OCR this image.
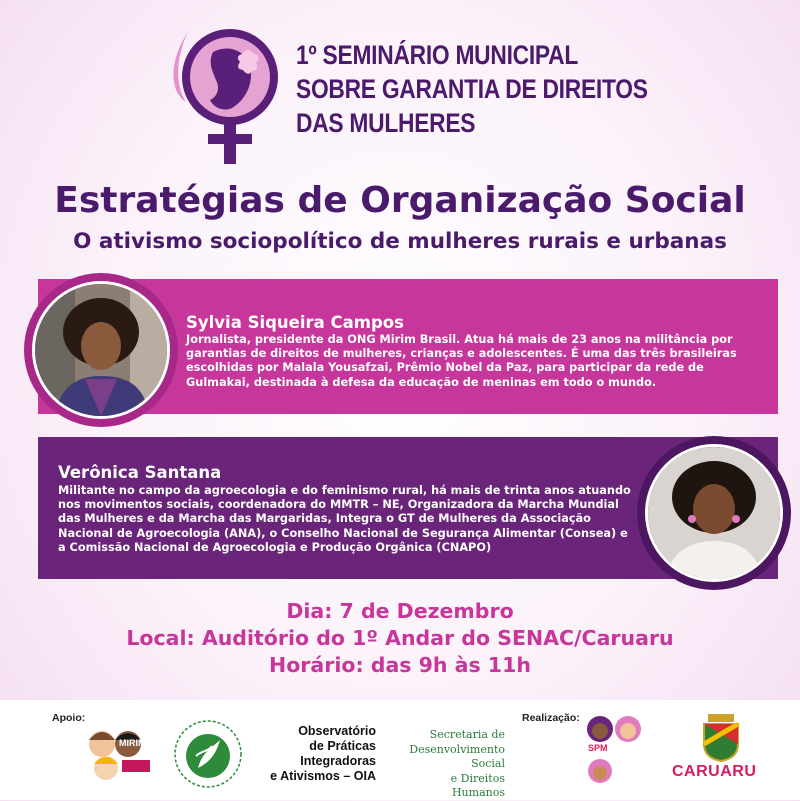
1º SEMINÁRIO MUNICIPAL
SOBRE GARANTIA DE DIREITOS
DAS MULHERES
Estratégias de Organização Social
O ativismo sociopolítico de mulheres rurais e urbanas
Sylvia Siqueira Campos
Jornalista, presidente da ONG Mirim Brasil. Atua há mais de 23 anos na militância por garantias de direitos de mulheres, crianças e adolescentes. É uma das três brasileiras escolhidas por Malala Yousafzai, Prêmio Nobel da Paz, para participar da rede de Gulmakai, destinada à defesa da educação de meninas em todo o mundo.
Verônica Santana
Militante no campo da agroecologia e do feminismo rural, há mais de trinta anos atuando nos movimentos sociais, coordenadora do MMTR – NE, Organizadora da Marcha Mundial das Mulheres e da Marcha das Margaridas, Integra o GT de Mulheres da Associação Nacional de Agroecologia (ANA), o Conselho Nacional de Segurança Alimentar (Consea) e a Comissão Nacional de Agroecologia e Produção Orgânica (CNAPO)
Dia: 7 de Dezembro
Local: Auditório do 1º Andar do SENAC/Caruaru
Horário: das 9h às 11h
Apoio:
MIRIM
Observatório
de Práticas
Integradoras
e Ativismos – OIA
Secretaria de
Desenvolvimento Social
e Direitos Humanos
Realização:
SPM
CARUARU
